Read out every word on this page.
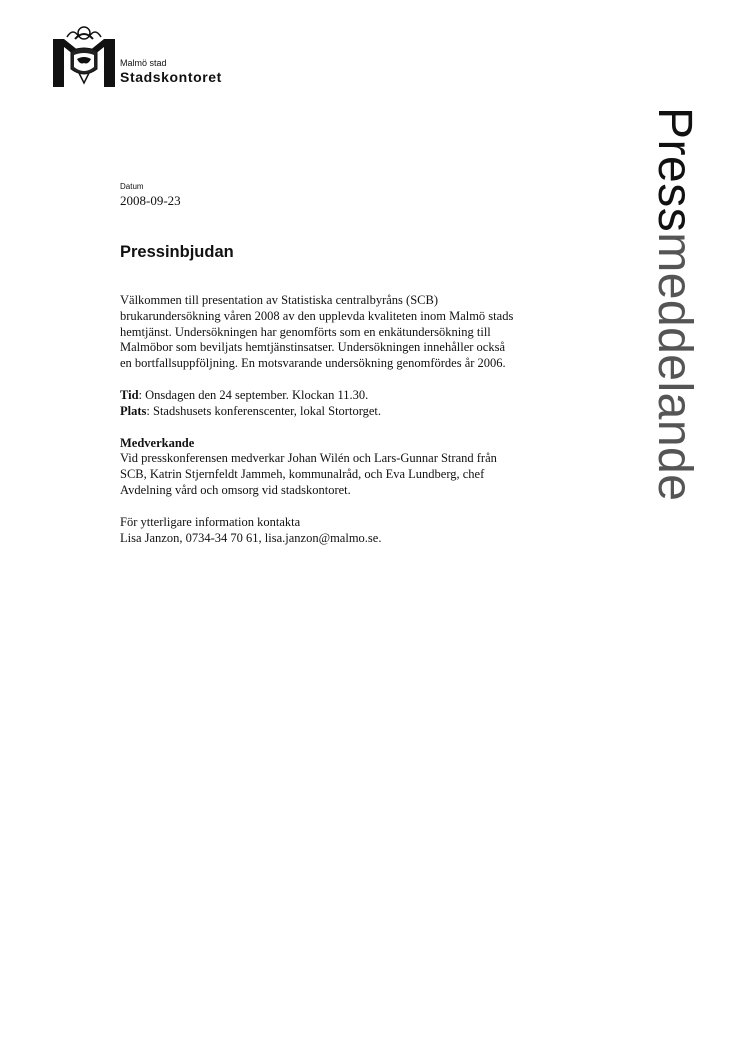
Malmö stad
Stadskontoret
Pressmeddelande
Datum
2008-09-23
Pressinbjudan

Välkommen till presentation av Statistiska centralbyråns (SCB)
brukarundersökning våren 2008 av den upplevda kvaliteten inom Malmö stads
hemtjänst. Undersökningen har genomförts som en enkätundersökning till
Malmöbor som beviljats hemtjänstinsatser. Undersökningen innehåller också
en bortfallsuppföljning. En motsvarande undersökning genomfördes år 2006.

Tid: Onsdagen den 24 september. Klockan 11.30.
Plats: Stadshusets konferenscenter, lokal Stortorget.

Medverkande
Vid presskonferensen medverkar Johan Wilén och Lars-Gunnar Strand från
SCB, Katrin Stjernfeldt Jammeh, kommunalråd, och Eva Lundberg, chef
Avdelning vård och omsorg vid stadskontoret.

För ytterligare information kontakta
Lisa Janzon, 0734-34 70 61, lisa.janzon@malmo.se.
